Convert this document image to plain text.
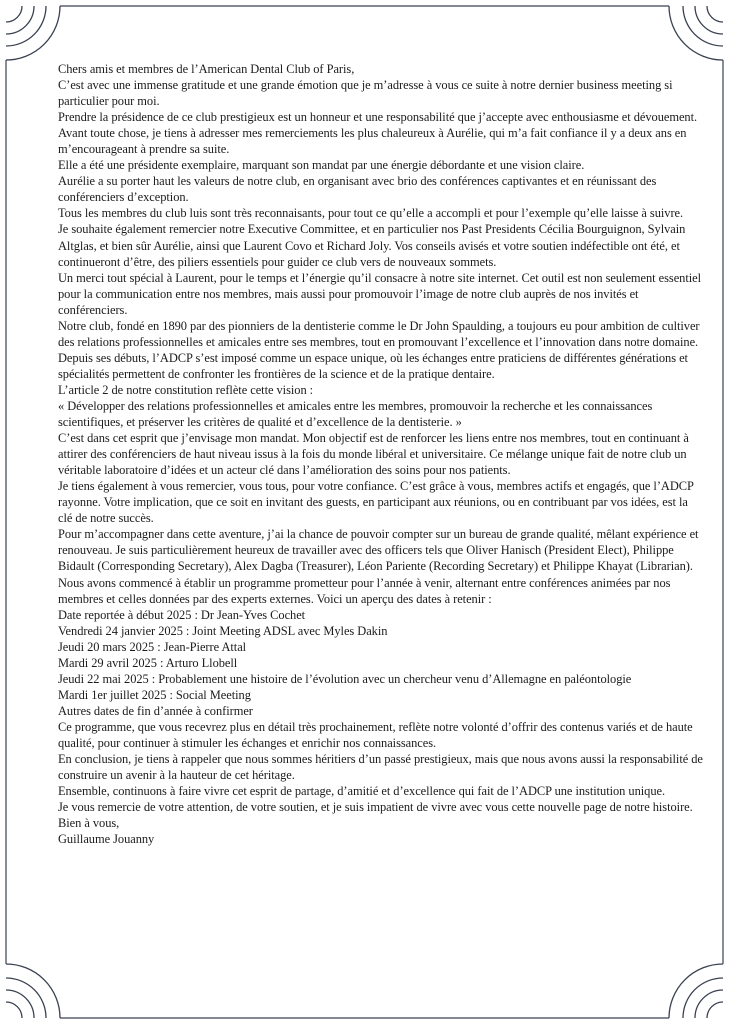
Chers amis et membres de l’American Dental Club of Paris,

C’est avec une immense gratitude et une grande émotion que je m’adresse à vous ce suite à notre dernier business meeting si particulier pour moi.

Prendre la présidence de ce club prestigieux est un honneur et une responsabilité que j’accepte avec enthousiasme et dévouement.

Avant toute chose, je tiens à adresser mes remerciements les plus chaleureux à Aurélie, qui m’a fait confiance il y a deux ans en m’encourageant à prendre sa suite.

Elle a été une présidente exemplaire, marquant son mandat par une énergie débordante et une vision claire.

Aurélie a su porter haut les valeurs de notre club, en organisant avec brio des conférences captivantes et en réunissant des conférenciers d’exception.

Tous les membres du club luis sont très reconnaisants, pour tout ce qu’elle a accompli et pour l’exemple qu’elle laisse à suivre.

Je souhaite également remercier notre Executive Committee, et en particulier nos Past Presidents Cécilia Bourguignon, Sylvain Altglas, et bien sûr Aurélie, ainsi que Laurent Covo et Richard Joly. Vos conseils avisés et votre soutien indéfectible ont été, et continueront d’être, des piliers essentiels pour guider ce club vers de nouveaux sommets.

Un merci tout spécial à Laurent, pour le temps et l’énergie qu’il consacre à notre site internet. Cet outil est non seulement essentiel pour la communication entre nos membres, mais aussi pour promouvoir l’image de notre club auprès de nos invités et conférenciers.

Notre club, fondé en 1890 par des pionniers de la dentisterie comme le Dr John Spaulding, a toujours eu pour ambition de cultiver des relations professionnelles et amicales entre ses membres, tout en promouvant l’excellence et l’innovation dans notre domaine.

Depuis ses débuts, l’ADCP s’est imposé comme un espace unique, où les échanges entre praticiens de différentes générations et spécialités permettent de confronter les frontières de la science et de la pratique dentaire.

L’article 2 de notre constitution reflète cette vision :

« Développer des relations professionnelles et amicales entre les membres, promouvoir la recherche et les connaissances scientifiques, et préserver les critères de qualité et d’excellence de la dentisterie. »

C’est dans cet esprit que j’envisage mon mandat. Mon objectif est de renforcer les liens entre nos membres, tout en continuant à attirer des conférenciers de haut niveau issus à la fois du monde libéral et universitaire. Ce mélange unique fait de notre club un véritable laboratoire d’idées et un acteur clé dans l’amélioration des soins pour nos patients.

Je tiens également à vous remercier, vous tous, pour votre confiance. C’est grâce à vous, membres actifs et engagés, que l’ADCP rayonne. Votre implication, que ce soit en invitant des guests, en participant aux réunions, ou en contribuant par vos idées, est la clé de notre succès.

Pour m’accompagner dans cette aventure, j’ai la chance de pouvoir compter sur un bureau de grande qualité, mêlant expérience et renouveau. Je suis particulièrement heureux de travailler avec des officers tels que Oliver Hanisch (President Elect), Philippe Bidault (Corresponding Secretary), Alex Dagba (Treasurer), Léon Pariente (Recording Secretary) et Philippe Khayat (Librarian).

Nous avons commencé à établir un programme prometteur pour l’année à venir, alternant entre conférences animées par nos membres et celles données par des experts externes. Voici un aperçu des dates à retenir :

Date reportée à début 2025 : Dr Jean-Yves Cochet

Vendredi 24 janvier 2025 : Joint Meeting ADSL avec Myles Dakin

Jeudi 20 mars 2025 : Jean-Pierre Attal

Mardi 29 avril 2025 : Arturo Llobell

Jeudi 22 mai 2025 : Probablement une histoire de l’évolution avec un chercheur venu d’Allemagne en paléontologie

Mardi 1er juillet 2025 : Social Meeting

Autres dates de fin d’année à confirmer

Ce programme, que vous recevrez plus en détail très prochainement, reflète notre volonté d’offrir des contenus variés et de haute qualité, pour continuer à stimuler les échanges et enrichir nos connaissances.

En conclusion, je tiens à rappeler que nous sommes héritiers d’un passé prestigieux, mais que nous avons aussi la responsabilité de construire un avenir à la hauteur de cet héritage.

Ensemble, continuons à faire vivre cet esprit de partage, d’amitié et d’excellence qui fait de l’ADCP une institution unique.

Je vous remercie de votre attention, de votre soutien, et je suis impatient de vivre avec vous cette nouvelle page de notre histoire.

Bien à vous,

Guillaume Jouanny
